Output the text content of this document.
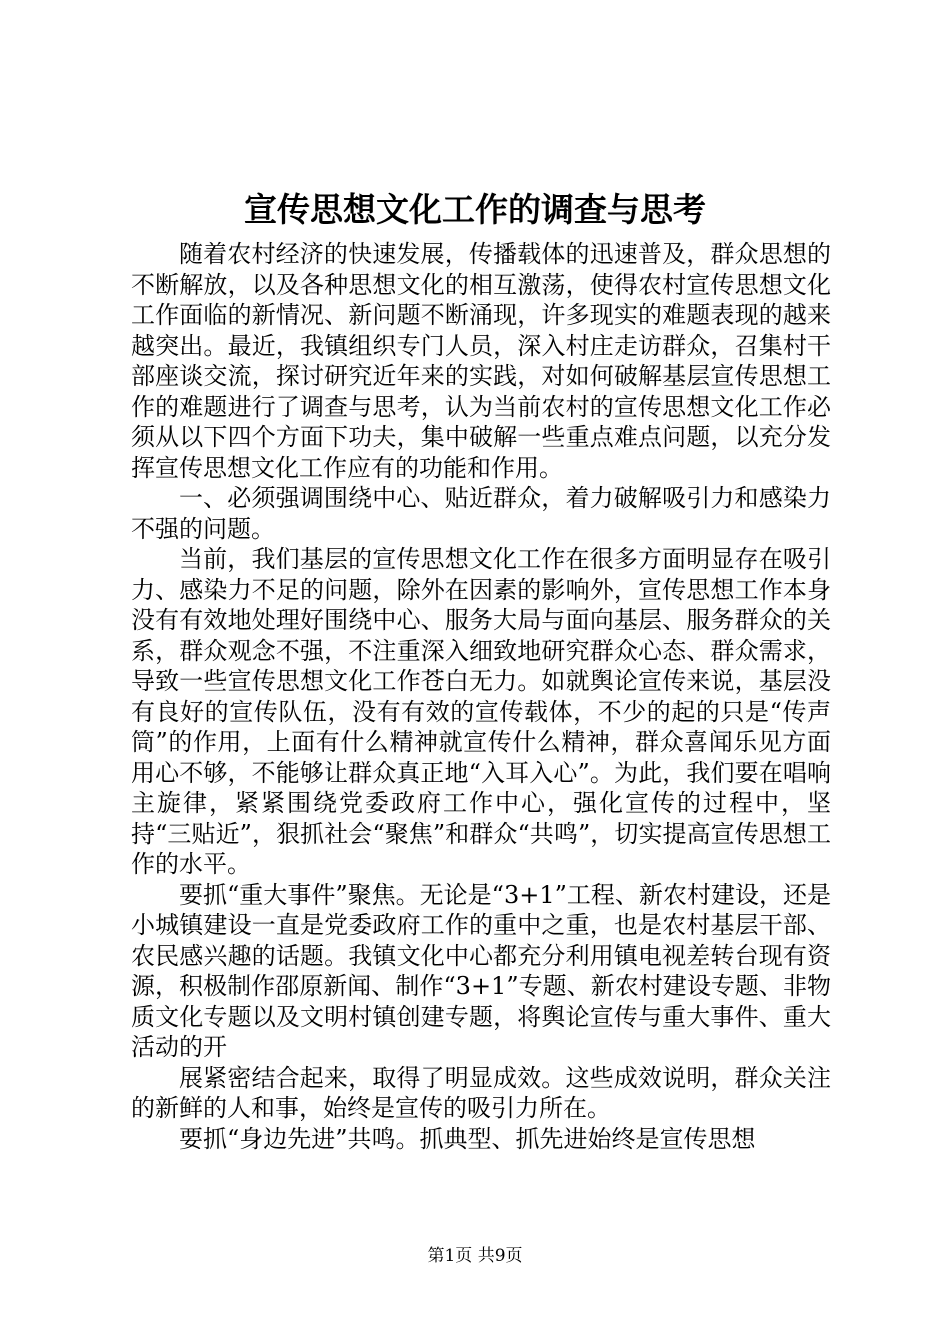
宣传思想文化工作的调查与思考

随着农村经济的快速发展，传播载体的迅速普及，群众思想的不断解放，以及各种思想文化的相互激荡，使得农村宣传思想文化工作面临的新情况、新问题不断涌现，许多现实的难题表现的越来越突出。最近，我镇组织专门人员，深入村庄走访群众，召集村干部座谈交流，探讨研究近年来的实践，对如何破解基层宣传思想工作的难题进行了调查与思考，认为当前农村的宣传思想文化工作必须从以下四个方面下功夫，集中破解一些重点难点问题，以充分发挥宣传思想文化工作应有的功能和作用。

一、必须强调围绕中心、贴近群众，着力破解吸引力和感染力不强的问题。

当前，我们基层的宣传思想文化工作在很多方面明显存在吸引力、感染力不足的问题，除外在因素的影响外，宣传思想工作本身没有有效地处理好围绕中心、服务大局与面向基层、服务群众的关系，群众观念不强，不注重深入细致地研究群众心态、群众需求，导致一些宣传思想文化工作苍白无力。如就舆论宣传来说，基层没有良好的宣传队伍，没有有效的宣传载体，不少的起的只是“传声筒”的作用，上面有什么精神就宣传什么精神，群众喜闻乐见方面用心不够，不能够让群众真正地“入耳入心”。为此，我们要在唱响主旋律，紧紧围绕党委政府工作中心，强化宣传的过程中，坚持“三贴近”，狠抓社会“聚焦”和群众“共鸣”，切实提高宣传思想工作的水平。

要抓“重大事件”聚焦。无论是“3+1”工程、新农村建设，还是小城镇建设一直是党委政府工作的重中之重，也是农村基层干部、农民感兴趣的话题。我镇文化中心都充分利用镇电视差转台现有资源，积极制作邵原新闻、制作“3+1”专题、新农村建设专题、非物质文化专题以及文明村镇创建专题，将舆论宣传与重大事件、重大活动的开

展紧密结合起来，取得了明显成效。这些成效说明，群众关注的新鲜的人和事，始终是宣传的吸引力所在。

要抓“身边先进”共鸣。抓典型、抓先进始终是宣传思想

第1页 共9页
